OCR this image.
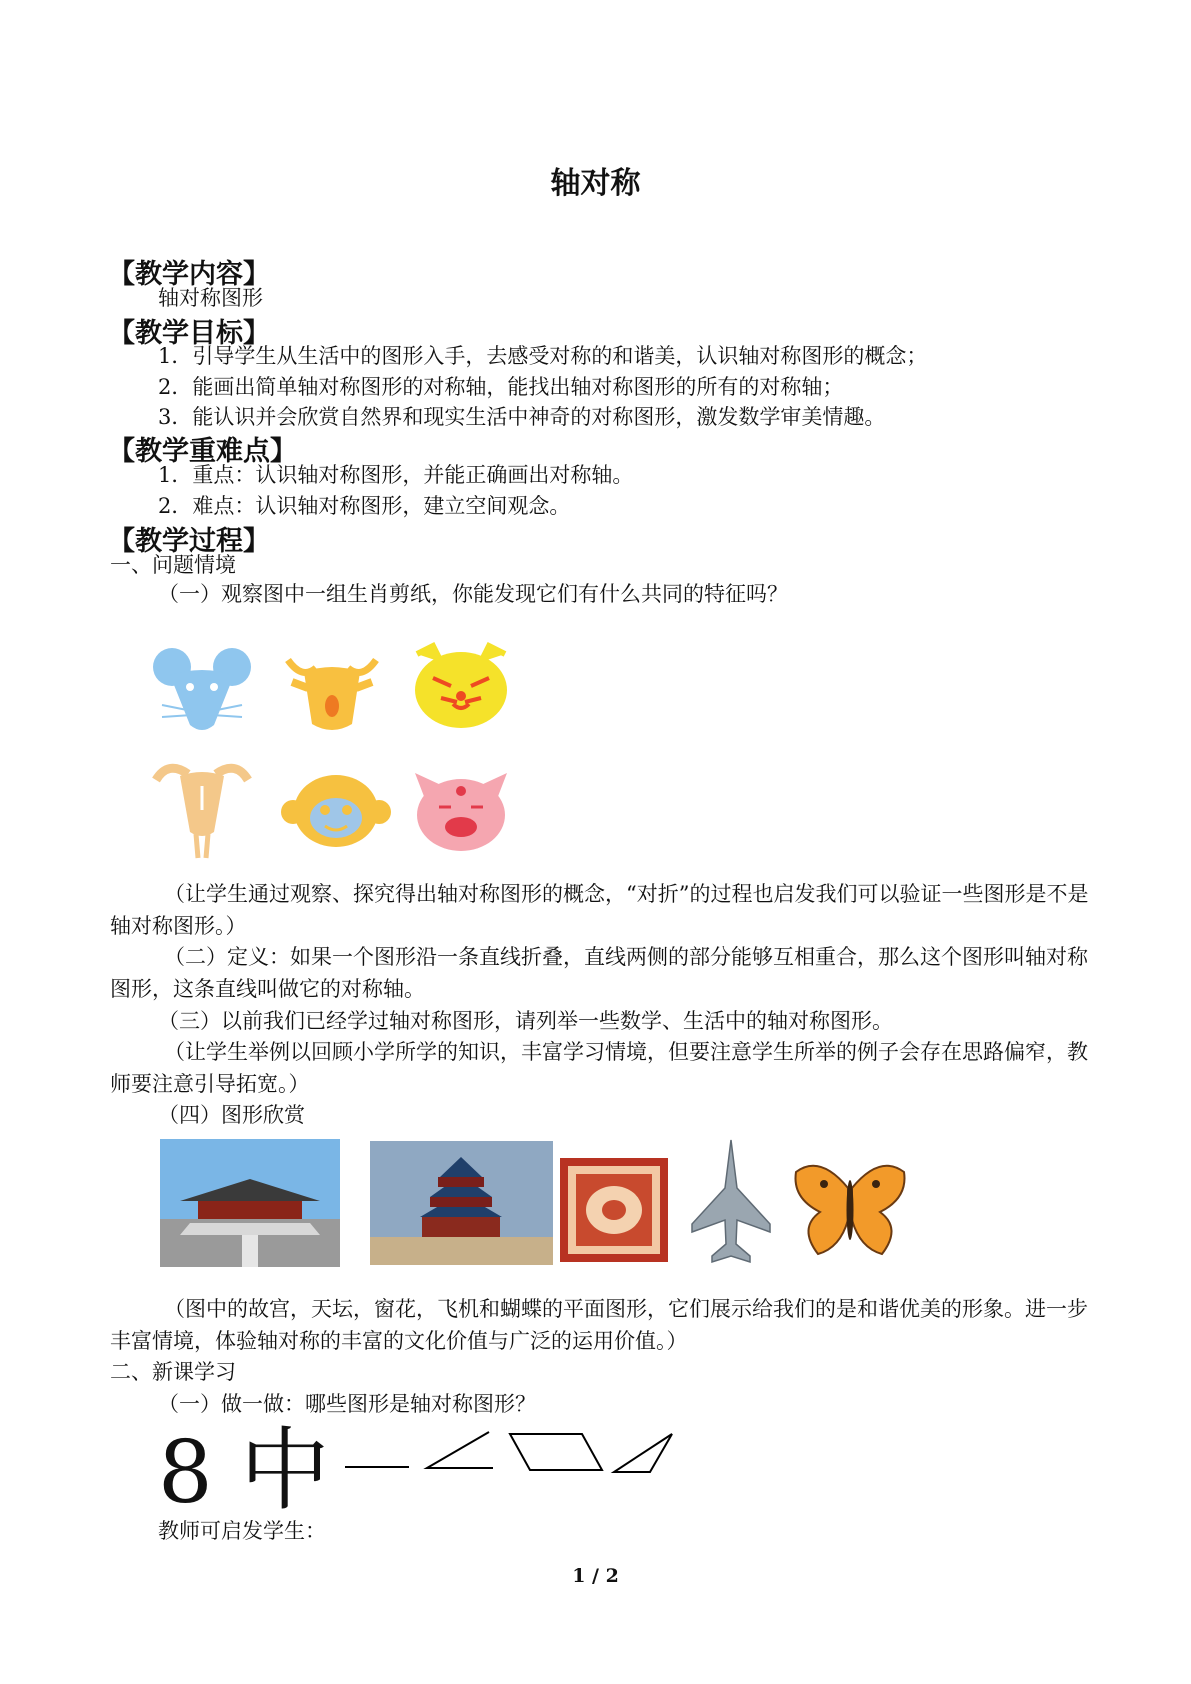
轴对称
【教学内容】
轴对称图形
【教学目标】
1．引导学生从生活中的图形入手，去感受对称的和谐美，认识轴对称图形的概念；
2．能画出简单轴对称图形的对称轴，能找出轴对称图形的所有的对称轴；
3．能认识并会欣赏自然界和现实生活中神奇的对称图形，激发数学审美情趣。
【教学重难点】
1．重点：认识轴对称图形，并能正确画出对称轴。
2．难点：认识轴对称图形，建立空间观念。
【教学过程】
一、问题情境
（一）观察图中一组生肖剪纸，你能发现它们有什么共同的特征吗？
（让学生通过观察、探究得出轴对称图形的概念，“对折”的过程也启发我们可以验证一些图形是不是轴对称图形。）
（二）定义：如果一个图形沿一条直线折叠，直线两侧的部分能够互相重合，那么这个图形叫轴对称图形，这条直线叫做它的对称轴。
（三）以前我们已经学过轴对称图形，请列举一些数学、生活中的轴对称图形。
（让学生举例以回顾小学所学的知识，丰富学习情境，但要注意学生所举的例子会存在思路偏窄，教师要注意引导拓宽。）
（四）图形欣赏
（图中的故宫，天坛，窗花，飞机和蝴蝶的平面图形，它们展示给我们的是和谐优美的形象。进一步丰富情境，体验轴对称的丰富的文化价值与广泛的运用价值。）
二、新课学习
（一）做一做：哪些图形是轴对称图形？
8 中
教师可启发学生：
1 / 2
